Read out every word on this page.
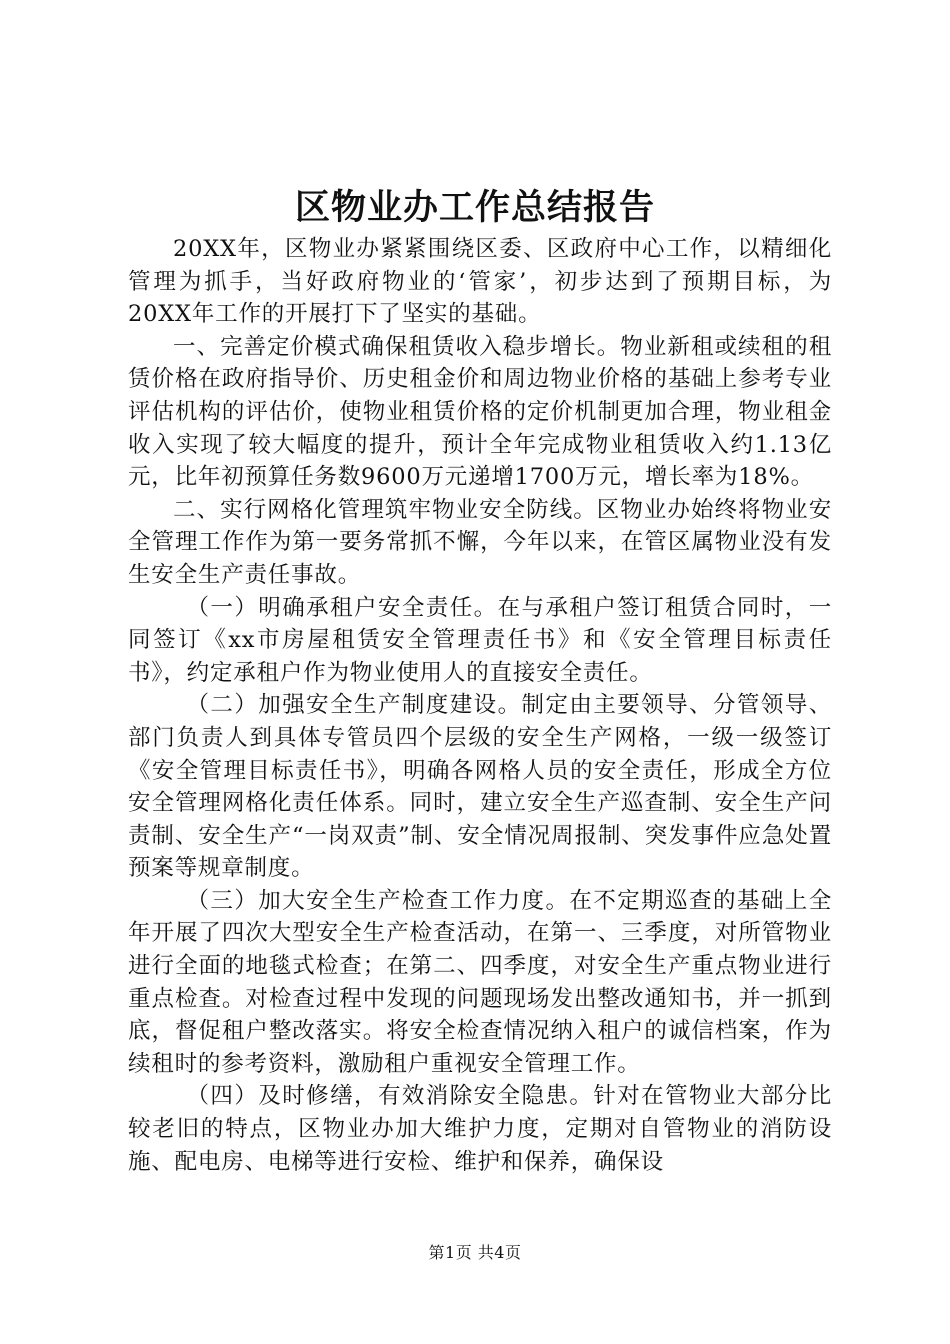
区物业办工作总结报告

20XX年，区物业办紧紧围绕区委、区政府中心工作，以精细化管理为抓手，当好政府物业的‘管家’，初步达到了预期目标，为20XX年工作的开展打下了坚实的基础。

一、完善定价模式确保租赁收入稳步增长。物业新租或续租的租赁价格在政府指导价、历史租金价和周边物业价格的基础上参考专业评估机构的评估价，使物业租赁价格的定价机制更加合理，物业租金收入实现了较大幅度的提升，预计全年完成物业租赁收入约1.13亿元，比年初预算任务数9600万元递增1700万元，增长率为18%。

二、实行网格化管理筑牢物业安全防线。区物业办始终将物业安全管理工作作为第一要务常抓不懈，今年以来，在管区属物业没有发生安全生产责任事故。

（一）明确承租户安全责任。在与承租户签订租赁合同时，一同签订《xx市房屋租赁安全管理责任书》和《安全管理目标责任书》，约定承租户作为物业使用人的直接安全责任。

（二）加强安全生产制度建设。制定由主要领导、分管领导、部门负责人到具体专管员四个层级的安全生产网格，一级一级签订《安全管理目标责任书》，明确各网格人员的安全责任，形成全方位安全管理网格化责任体系。同时，建立安全生产巡查制、安全生产问责制、安全生产“一岗双责”制、安全情况周报制、突发事件应急处置预案等规章制度。

（三）加大安全生产检查工作力度。在不定期巡查的基础上全年开展了四次大型安全生产检查活动，在第一、三季度，对所管物业进行全面的地毯式检查；在第二、四季度，对安全生产重点物业进行重点检查。对检查过程中发现的问题现场发出整改通知书，并一抓到底，督促租户整改落实。将安全检查情况纳入租户的诚信档案，作为续租时的参考资料，激励租户重视安全管理工作。

（四）及时修缮，有效消除安全隐患。针对在管物业大部分比较老旧的特点，区物业办加大维护力度，定期对自管物业的消防设施、配电房、电梯等进行安检、维护和保养，确保设

第1页 共4页
